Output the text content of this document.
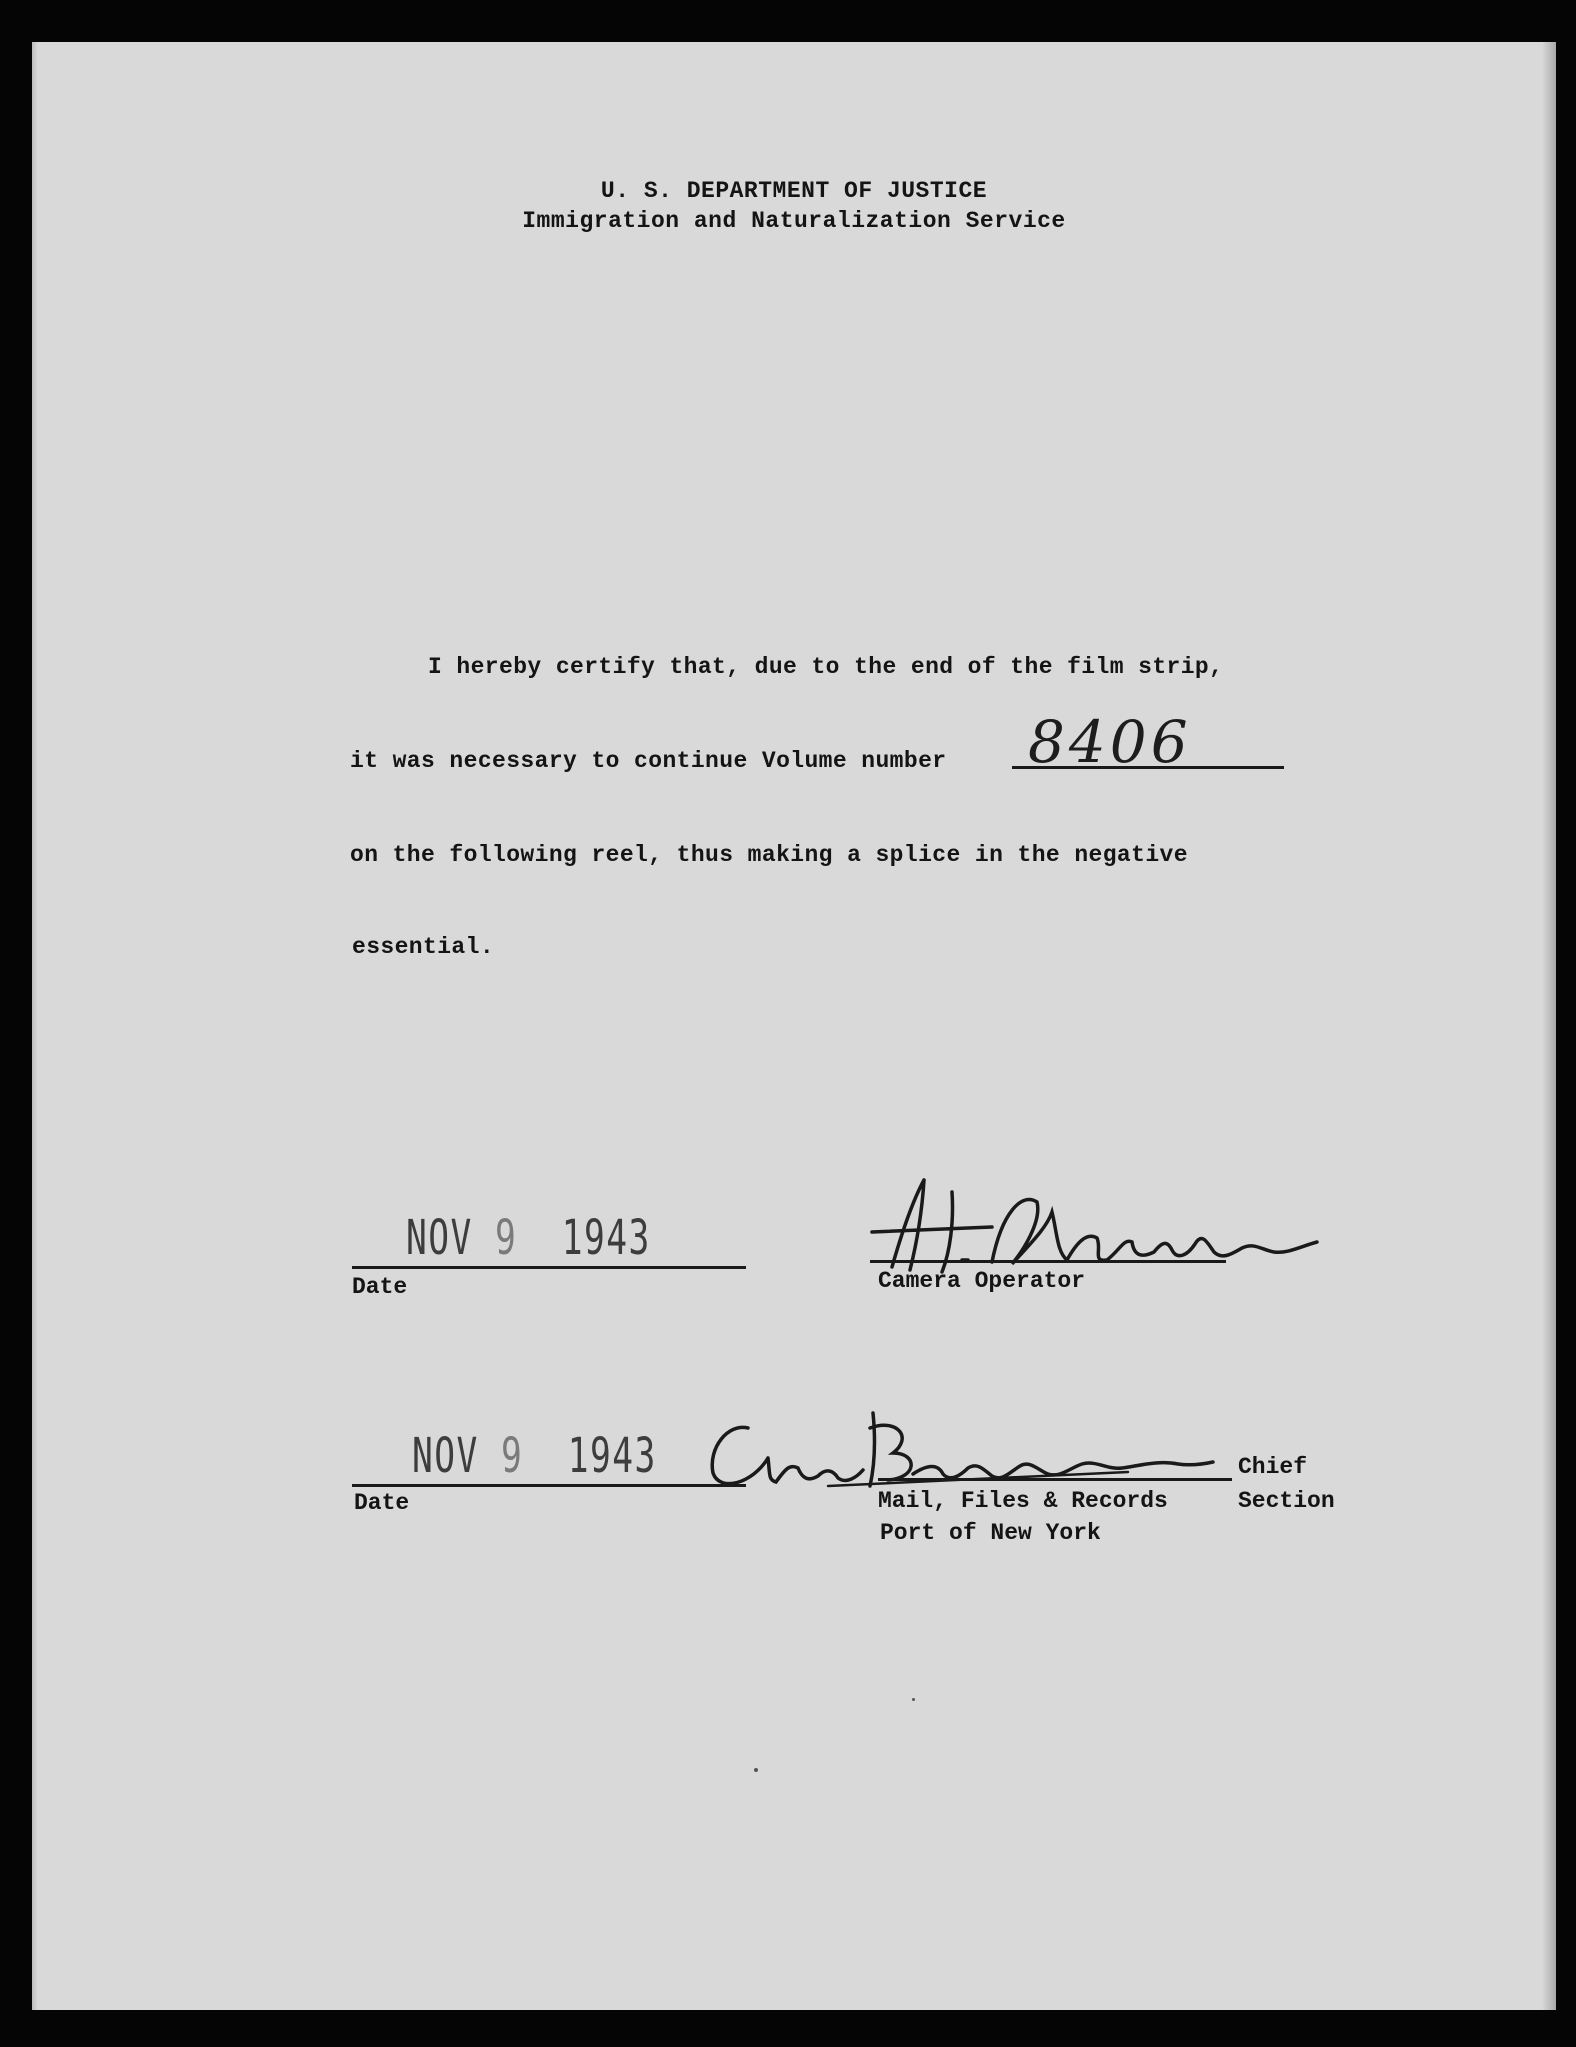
U. S. DEPARTMENT OF JUSTICE
Immigration and Naturalization Service
I hereby certify that, due to the end of the film strip,
it was necessary to continue Volume number 8406
on the following reel, thus making a splice in the negative
essential.
NOV 9 1943
Date
H. Alexander
Camera Operator
NOV 9 1943
Date
Geo. Baccaro
Chief
Mail, Files & Records	Section
Port of New York
